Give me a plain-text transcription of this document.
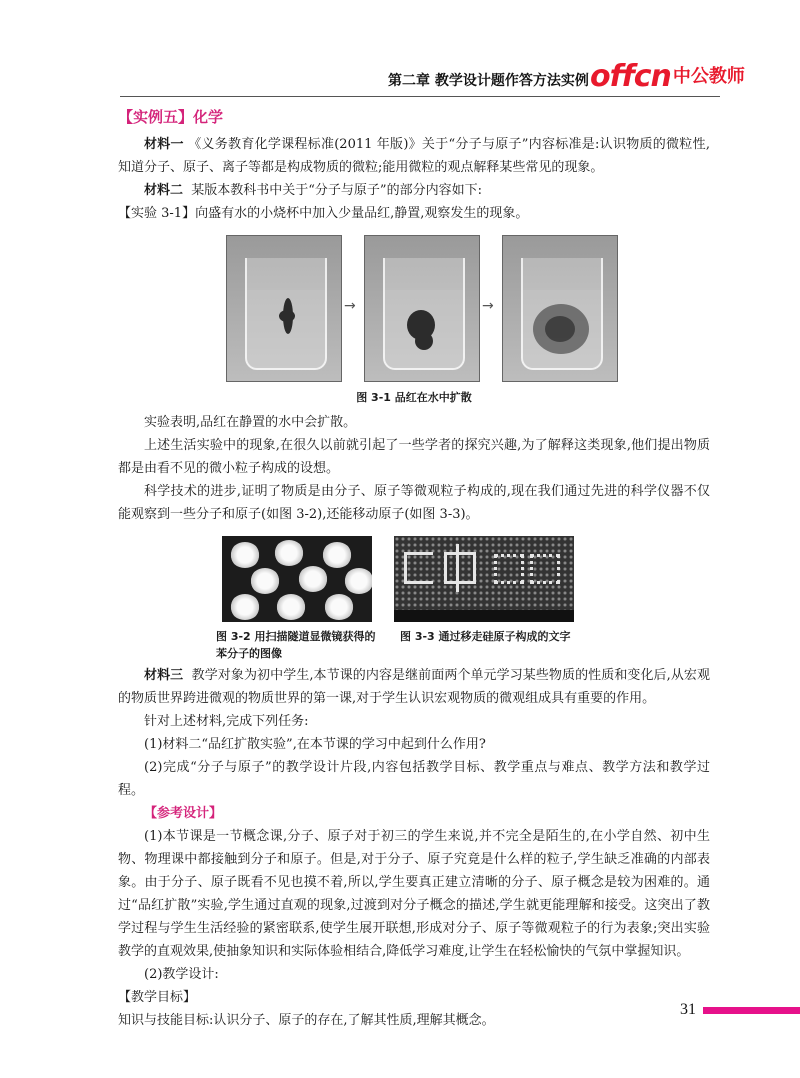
第二章 教学设计题作答方法实例 offcn 中公教师
【实例五】化学

材料一 《义务教育化学课程标准(2011 年版)》关于“分子与原子”内容标准是:认识物质的微粒性,知道分子、原子、离子等都是构成物质的微粒;能用微粒的观点解释某些常见的现象。

材料二 某版本教科书中关于“分子与原子”的部分内容如下:

【实验 3-1】向盛有水的小烧杯中加入少量品红,静置,观察发生的现象。

→	→
图 3-1 品红在水中扩散

实验表明,品红在静置的水中会扩散。

上述生活实验中的现象,在很久以前就引起了一些学者的探究兴趣,为了解释这类现象,他们提出物质都是由看不见的微小粒子构成的设想。

科学技术的进步,证明了物质是由分子、原子等微观粒子构成的,现在我们通过先进的科学仪器不仅能观察到一些分子和原子(如图 3-2),还能移动原子(如图 3-3)。

图 3-2 用扫描隧道显微镜获得的苯分子的图像
图 3-3 通过移走硅原子构成的文字

材料三 教学对象为初中学生,本节课的内容是继前面两个单元学习某些物质的性质和变化后,从宏观的物质世界跨进微观的物质世界的第一课,对于学生认识宏观物质的微观组成具有重要的作用。

针对上述材料,完成下列任务:

(1)材料二“品红扩散实验”,在本节课的学习中起到什么作用?

(2)完成“分子与原子”的教学设计片段,内容包括教学目标、教学重点与难点、教学方法和教学过程。

【参考设计】

(1)本节课是一节概念课,分子、原子对于初三的学生来说,并不完全是陌生的,在小学自然、初中生物、物理课中都接触到分子和原子。但是,对于分子、原子究竟是什么样的粒子,学生缺乏准确的内部表象。由于分子、原子既看不见也摸不着,所以,学生要真正建立清晰的分子、原子概念是较为困难的。通过“品红扩散”实验,学生通过直观的现象,过渡到对分子概念的描述,学生就更能理解和接受。这突出了教学过程与学生生活经验的紧密联系,使学生展开联想,形成对分子、原子等微观粒子的行为表象;突出实验教学的直观效果,使抽象知识和实际体验相结合,降低学习难度,让学生在轻松愉快的气氛中掌握知识。

(2)教学设计:

【教学目标】

知识与技能目标:认识分子、原子的存在,了解其性质,理解其概念。

31
